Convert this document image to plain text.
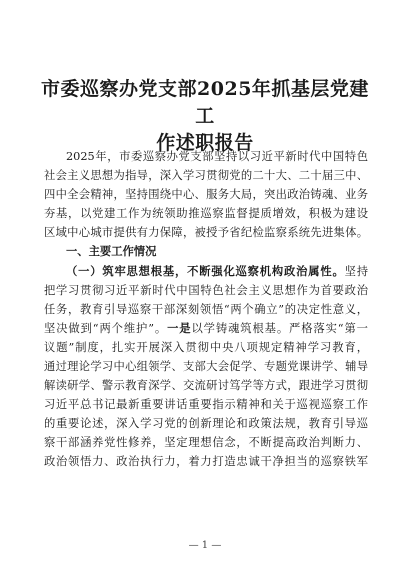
市委巡察办党支部2025年抓基层党建工
作述职报告
2025年，市委巡察办党支部坚持以习近平新时代中国特色
社会主义思想为指导，深入学习贯彻党的二十大、二十届三中、
四中全会精神，坚持围绕中心、服务大局，突出政治铸魂、业务
夯基，以党建工作为统领助推巡察监督提质增效，积极为建设
区域中心城市提供有力保障，被授予省纪检监察系统先进集体。
一、主要工作情况
（一）筑牢思想根基，不断强化巡察机构政治属性。坚持
把学习贯彻习近平新时代中国特色社会主义思想作为首要政治
任务，教育引导巡察干部深刻领悟“两个确立”的决定性意义，
坚决做到“两个维护”。一是以学铸魂筑根基。严格落实“第一
议题”制度，扎实开展深入贯彻中央八项规定精神学习教育，
通过理论学习中心组领学、支部大会促学、专题党课讲学、辅导
解读研学、警示教育深学、交流研讨笃学等方式，跟进学习贯彻
习近平总书记最新重要讲话重要指示精神和关于巡视巡察工作
的重要论述，深入学习党的创新理论和政策法规，教育引导巡
察干部涵养党性修养，坚定理想信念，不断提高政治判断力、
政治领悟力、政治执行力，着力打造忠诚干净担当的巡察铁军
— 1 —
